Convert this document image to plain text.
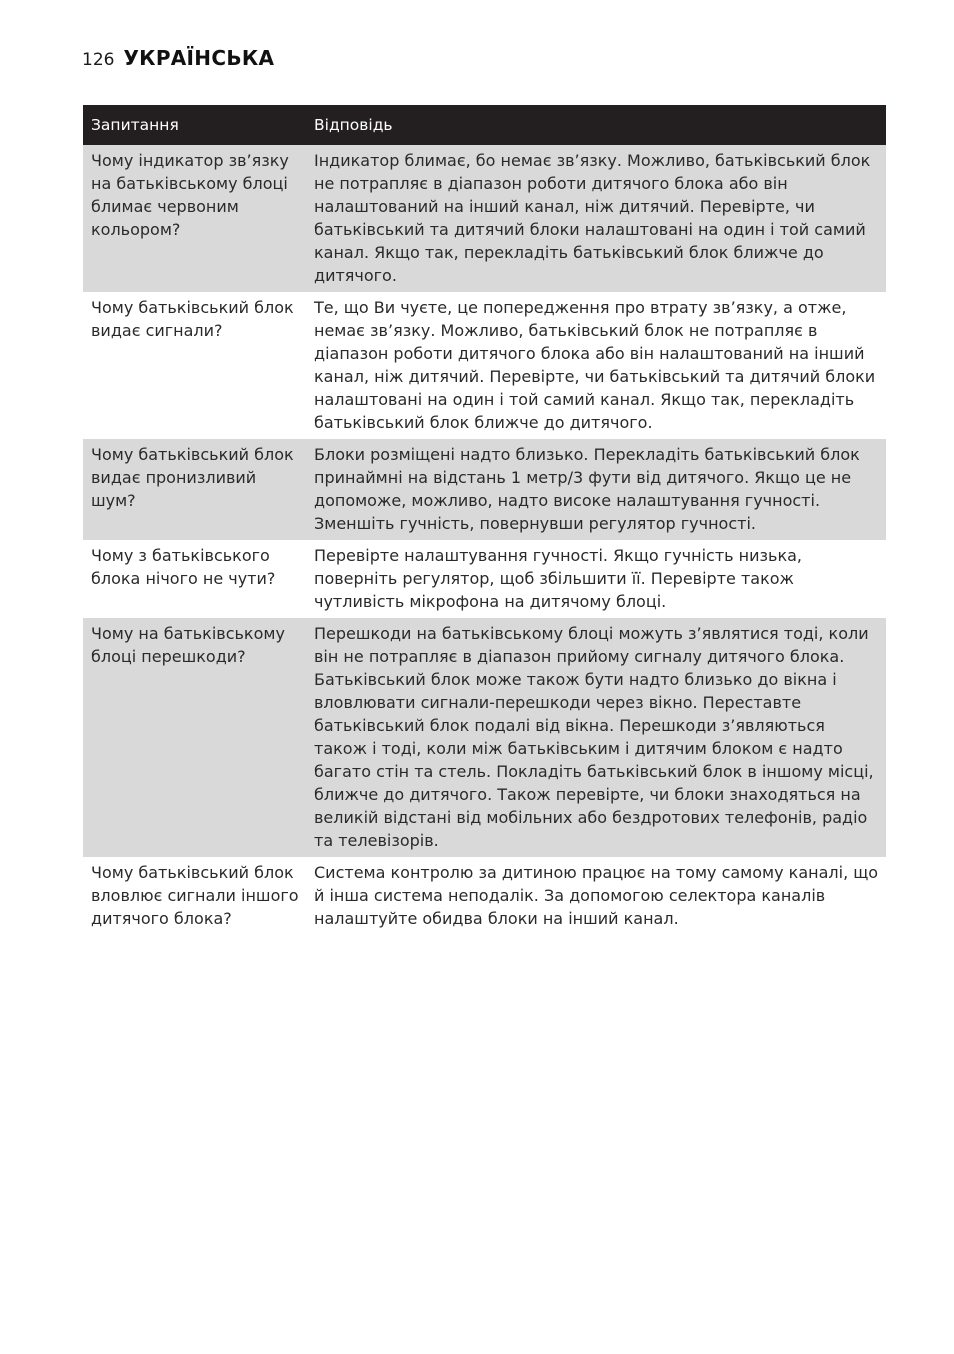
126 УКРАЇНСЬКА
Запитання	Відповідь
Чому індикатор зв’язку на батьківському блоці блимає червоним кольором?	Індикатор блимає, бо немає зв’язку. Можливо, батьківський блок не потрапляє в діапазон роботи дитячого блока або він налаштований на інший канал, ніж дитячий. Перевірте, чи батьківський та дитячий блоки налаштовані на один і той самий канал. Якщо так, перекладіть батьківський блок ближче до дитячого.
Чому батьківський блок видає сигнали?	Те, що Ви чуєте, це попередження про втрату зв’язку, а отже, немає зв’язку. Можливо, батьківський блок не потрапляє в діапазон роботи дитячого блока або він налаштований на інший канал, ніж дитячий. Перевірте, чи батьківський та дитячий блоки налаштовані на один і той самий канал. Якщо так, перекладіть батьківський блок ближче до дитячого.
Чому батьківський блок видає пронизливий шум?	Блоки розміщені надто близько. Перекладіть батьківський блок принаймні на відстань 1 метр/3 фути від дитячого. Якщо це не допоможе, можливо, надто високе налаштування гучності. Зменшіть гучність, повернувши регулятор гучності.
Чому з батьківського блока нічого не чути?	Перевірте налаштування гучності. Якщо гучність низька, поверніть регулятор, щоб збільшити її. Перевірте також чутливість мікрофона на дитячому блоці.
Чому на батьківському блоці перешкоди?	Перешкоди на батьківському блоці можуть з’являтися тоді, коли він не потрапляє в діапазон прийому сигналу дитячого блока. Батьківський блок може також бути надто близько до вікна і вловлювати сигнали-перешкоди через вікно. Переставте батьківський блок подалі від вікна. Перешкоди з’являються також і тоді, коли між батьківським і дитячим блоком є надто багато стін та стель. Покладіть батьківський блок в іншому місці, ближче до дитячого. Також перевірте, чи блоки знаходяться на великій відстані від мобільних або бездротових телефонів, радіо та телевізорів.
Чому батьківський блок вловлює сигнали іншого дитячого блока?	Система контролю за дитиною працює на тому самому каналі, що й інша система неподалік. За допомогою селектора каналів налаштуйте обидва блоки на інший канал.
